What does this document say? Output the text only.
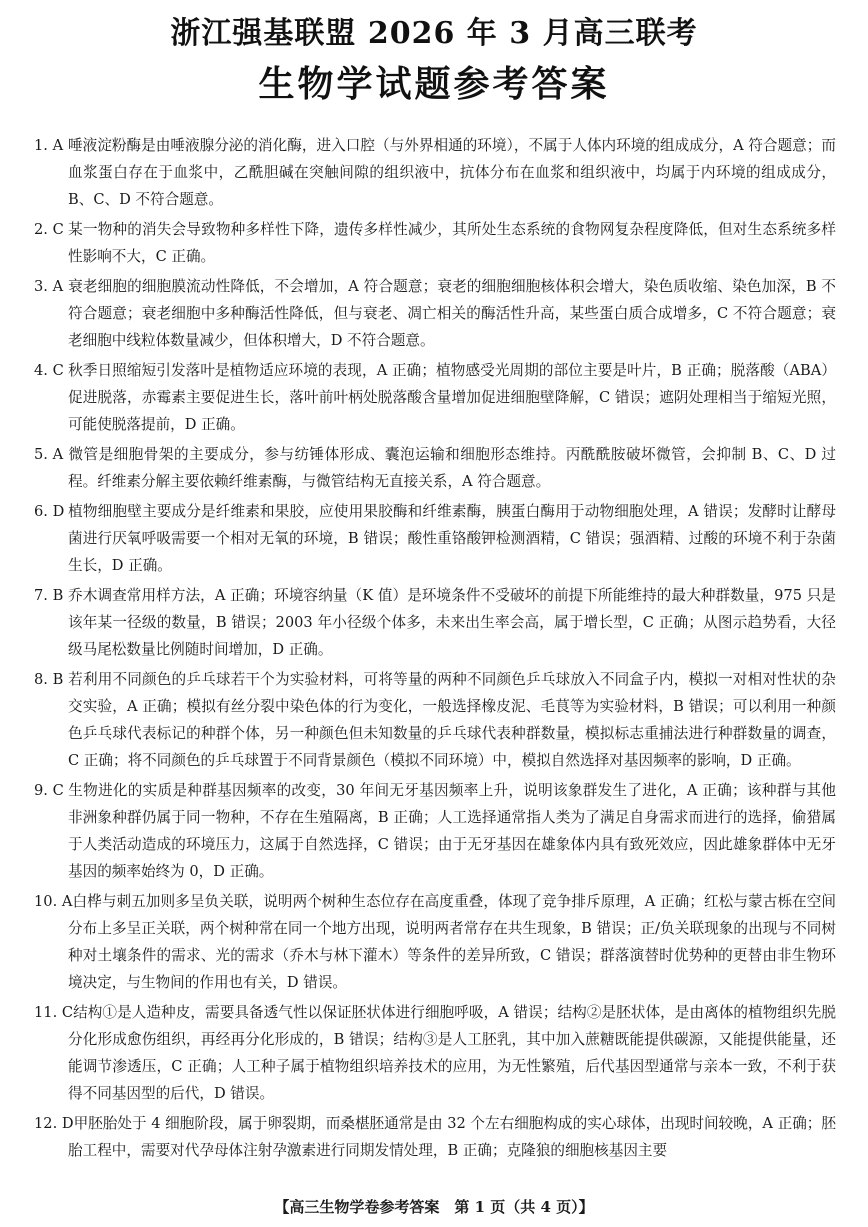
浙江强基联盟 2026 年 3 月高三联考
生物学试题参考答案

1. A 唾液淀粉酶是由唾液腺分泌的消化酶，进入口腔（与外界相通的环境），不属于人体内环境的组成成分，A 符合题意；而血浆蛋白存在于血浆中，乙酰胆碱在突触间隙的组织液中，抗体分布在血浆和组织液中，均属于内环境的组成成分，B、C、D 不符合题意。

2. C 某一物种的消失会导致物种多样性下降，遗传多样性减少，其所处生态系统的食物网复杂程度降低，但对生态系统多样性影响不大，C 正确。

3. A 衰老细胞的细胞膜流动性降低，不会增加，A 符合题意；衰老的细胞细胞核体积会增大，染色质收缩、染色加深，B 不符合题意；衰老细胞中多种酶活性降低，但与衰老、凋亡相关的酶活性升高，某些蛋白质合成增多，C 不符合题意；衰老细胞中线粒体数量减少，但体积增大，D 不符合题意。

4. C 秋季日照缩短引发落叶是植物适应环境的表现，A 正确；植物感受光周期的部位主要是叶片，B 正确；脱落酸（ABA）促进脱落，赤霉素主要促进生长，落叶前叶柄处脱落酸含量增加促进细胞壁降解，C 错误；遮阴处理相当于缩短光照，可能使脱落提前，D 正确。

5. A 微管是细胞骨架的主要成分，参与纺锤体形成、囊泡运输和细胞形态维持。丙酰酰胺破坏微管，会抑制 B、C、D 过程。纤维素分解主要依赖纤维素酶，与微管结构无直接关系，A 符合题意。

6. D 植物细胞壁主要成分是纤维素和果胶，应使用果胶酶和纤维素酶，胰蛋白酶用于动物细胞处理，A 错误；发酵时让酵母菌进行厌氧呼吸需要一个相对无氧的环境，B 错误；酸性重铬酸钾检测酒精，C 错误；强酒精、过酸的环境不利于杂菌生长，D 正确。

7. B 乔木调查常用样方法，A 正确；环境容纳量（K 值）是环境条件不受破坏的前提下所能维持的最大种群数量，975 只是该年某一径级的数量，B 错误；2003 年小径级个体多，未来出生率会高，属于增长型，C 正确；从图示趋势看，大径级马尾松数量比例随时间增加，D 正确。

8. B 若利用不同颜色的乒乓球若干个为实验材料，可将等量的两种不同颜色乒乓球放入不同盒子内，模拟一对相对性状的杂交实验，A 正确；模拟有丝分裂中染色体的行为变化，一般选择橡皮泥、毛茛等为实验材料，B 错误；可以利用一种颜色乒乓球代表标记的种群个体，另一种颜色但未知数量的乒乓球代表种群数量，模拟标志重捕法进行种群数量的调查，C 正确；将不同颜色的乒乓球置于不同背景颜色（模拟不同环境）中，模拟自然选择对基因频率的影响，D 正确。

9. C 生物进化的实质是种群基因频率的改变，30 年间无牙基因频率上升，说明该象群发生了进化，A 正确；该种群与其他非洲象种群仍属于同一物种，不存在生殖隔离，B 正确；人工选择通常指人类为了满足自身需求而进行的选择，偷猎属于人类活动造成的环境压力，这属于自然选择，C 错误；由于无牙基因在雄象体内具有致死效应，因此雄象群体中无牙基因的频率始终为 0，D 正确。

10. A白桦与刺五加则多呈负关联，说明两个树种生态位存在高度重叠，体现了竞争排斥原理，A 正确；红松与蒙古栎在空间分布上多呈正关联，两个树种常在同一个地方出现，说明两者常存在共生现象，B 错误；正/负关联现象的出现与不同树种对土壤条件的需求、光的需求（乔木与林下灌木）等条件的差异所致，C 错误；群落演替时优势种的更替由非生物环境决定，与生物间的作用也有关，D 错误。

11. C结构①是人造种皮，需要具备透气性以保证胚状体进行细胞呼吸，A 错误；结构②是胚状体，是由离体的植物组织先脱分化形成愈伤组织，再经再分化形成的，B 错误；结构③是人工胚乳，其中加入蔗糖既能提供碳源，又能提供能量，还能调节渗透压，C 正确；人工种子属于植物组织培养技术的应用，为无性繁殖，后代基因型通常与亲本一致，不利于获得不同基因型的后代，D 错误。

12. D甲胚胎处于 4 细胞阶段，属于卵裂期，而桑椹胚通常是由 32 个左右细胞构成的实心球体，出现时间较晚，A 正确；胚胎工程中，需要对代孕母体注射孕激素进行同期发情处理，B 正确；克隆狼的细胞核基因主要

【高三生物学卷参考答案　第 1 页（共 4 页）】
